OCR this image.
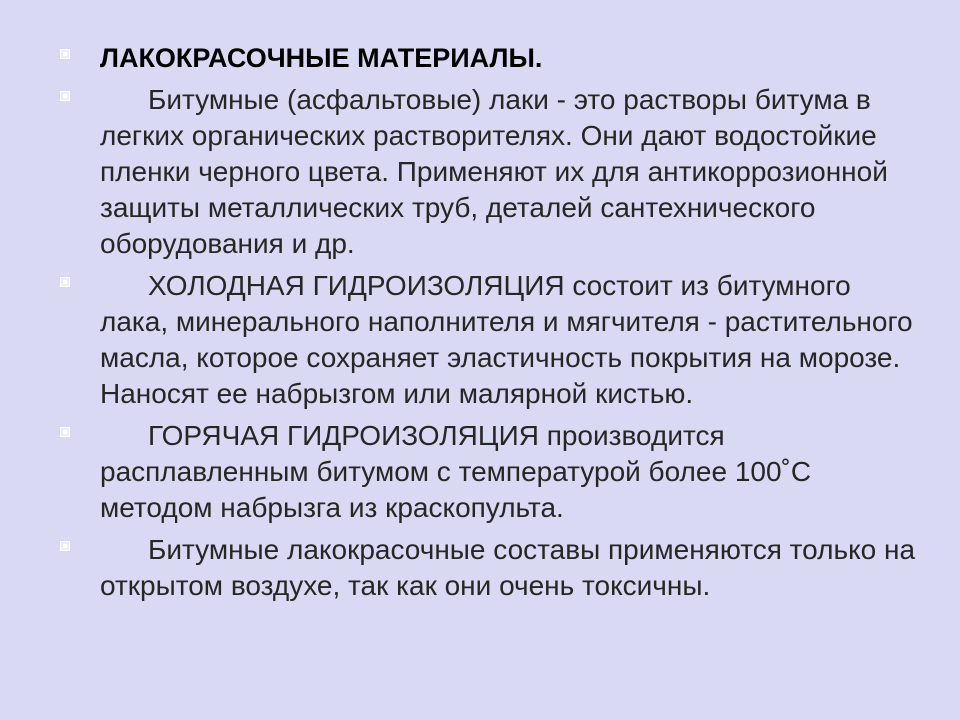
ЛАКОКРАСОЧНЫЕ МАТЕРИАЛЫ.
Битумные (асфальтовые) лаки - это растворы битума в легких органических растворителях. Они дают водостойкие пленки черного цвета. Применяют их для антикоррозионной защиты металлических труб, деталей сантехнического оборудования и др.
ХОЛОДНАЯ ГИДРОИЗОЛЯЦИЯ состоит из битумного лака, минерального наполнителя и мягчителя - растительного масла, которое сохраняет эластичность покрытия на морозе. Наносят ее набрызгом или малярной кистью.
ГОРЯЧАЯ ГИДРОИЗОЛЯЦИЯ производится расплавленным битумом с температурой более 100˚С методом набрызга из краскопульта.
Битумные лакокрасочные составы применяются только на открытом воздухе, так как они очень токсичны.
